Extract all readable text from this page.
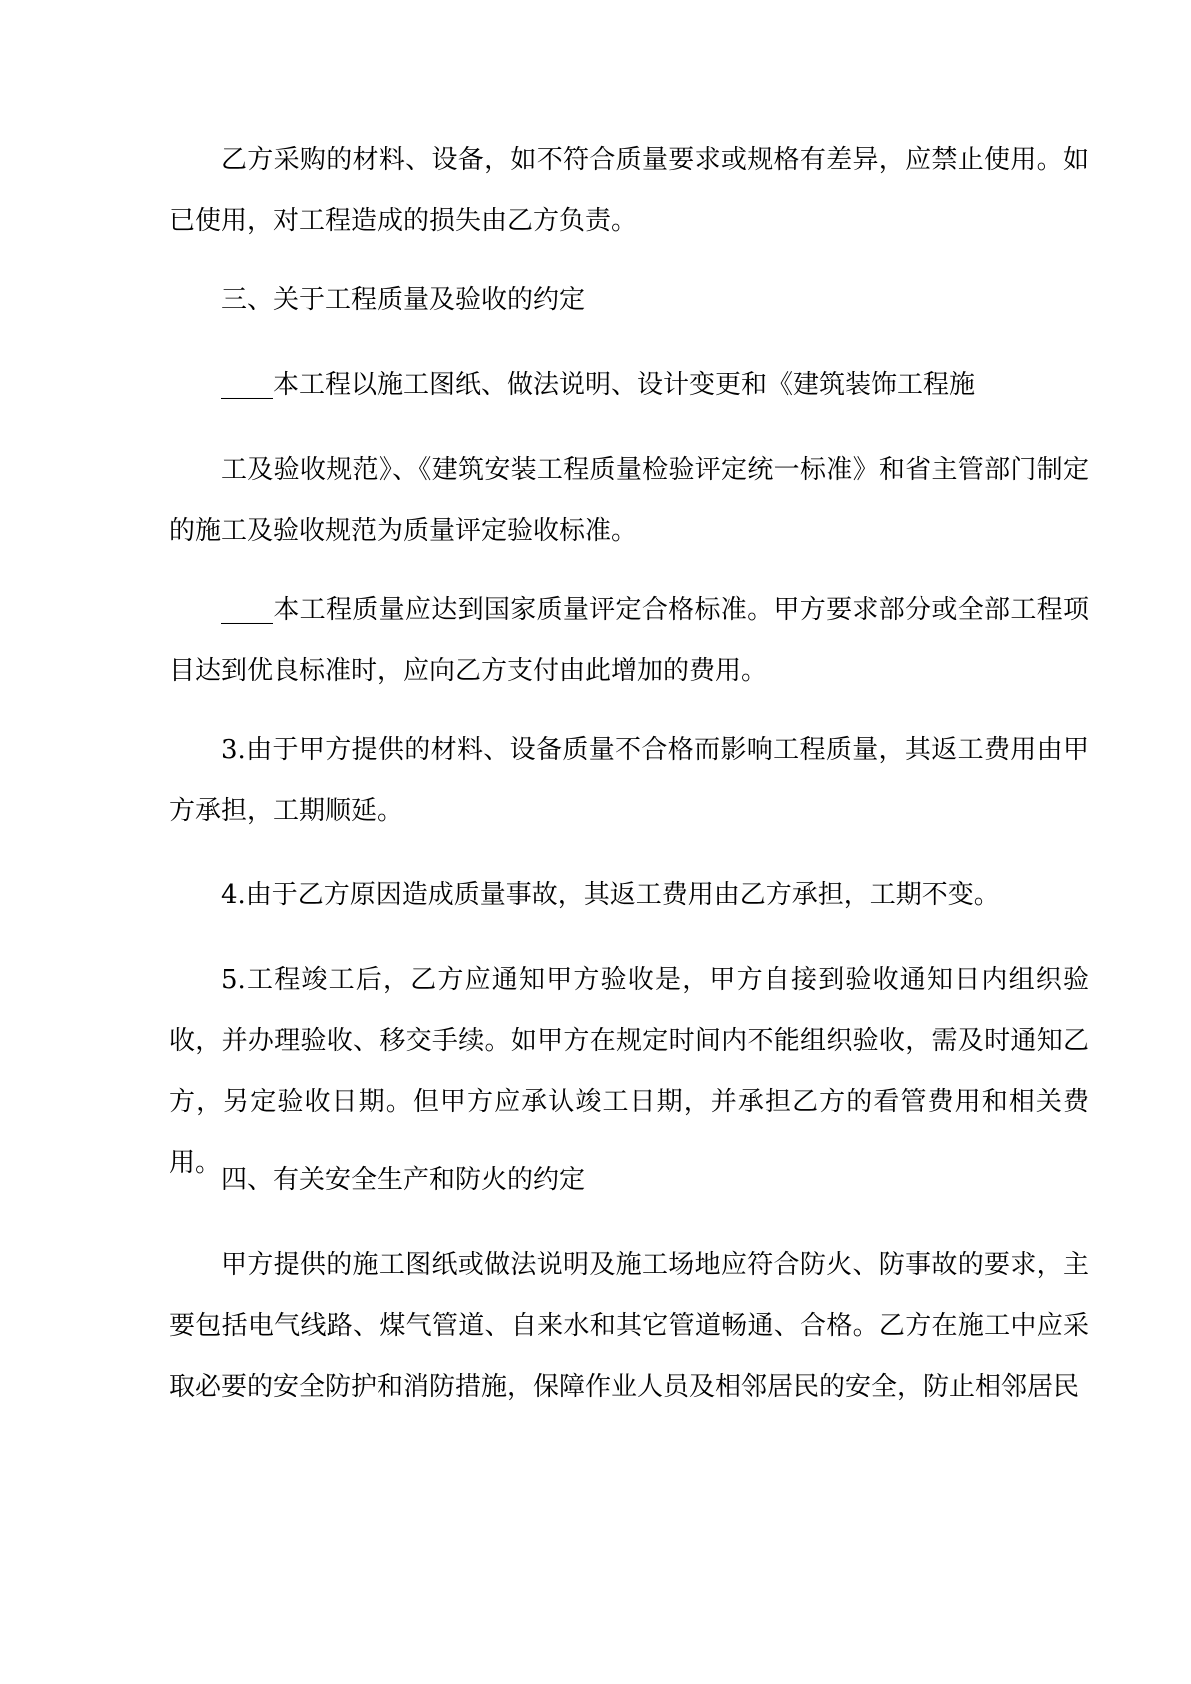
乙方采购的材料、设备，如不符合质量要求或规格有差异，应禁止使用。如已使用，对工程造成的损失由乙方负责。

三、关于工程质量及验收的约定

____本工程以施工图纸、做法说明、设计变更和《建筑装饰工程施

工及验收规范》、《建筑安装工程质量检验评定统一标准》和省主管部门制定的施工及验收规范为质量评定验收标准。

____本工程质量应达到国家质量评定合格标准。甲方要求部分或全部工程项目达到优良标准时，应向乙方支付由此增加的费用。

3.由于甲方提供的材料、设备质量不合格而影响工程质量，其返工费用由甲方承担，工期顺延。

4.由于乙方原因造成质量事故，其返工费用由乙方承担，工期不变。

5.工程竣工后，乙方应通知甲方验收是，甲方自接到验收通知日内组织验收，并办理验收、移交手续。如甲方在规定时间内不能组织验收，需及时通知乙方，另定验收日期。但甲方应承认竣工日期，并承担乙方的看管费用和相关费用。

四、有关安全生产和防火的约定

甲方提供的施工图纸或做法说明及施工场地应符合防火、防事故的要求，主要包括电气线路、煤气管道、自来水和其它管道畅通、合格。乙方在施工中应采取必要的安全防护和消防措施，保障作业人员及相邻居民的安全，防止相邻居民
